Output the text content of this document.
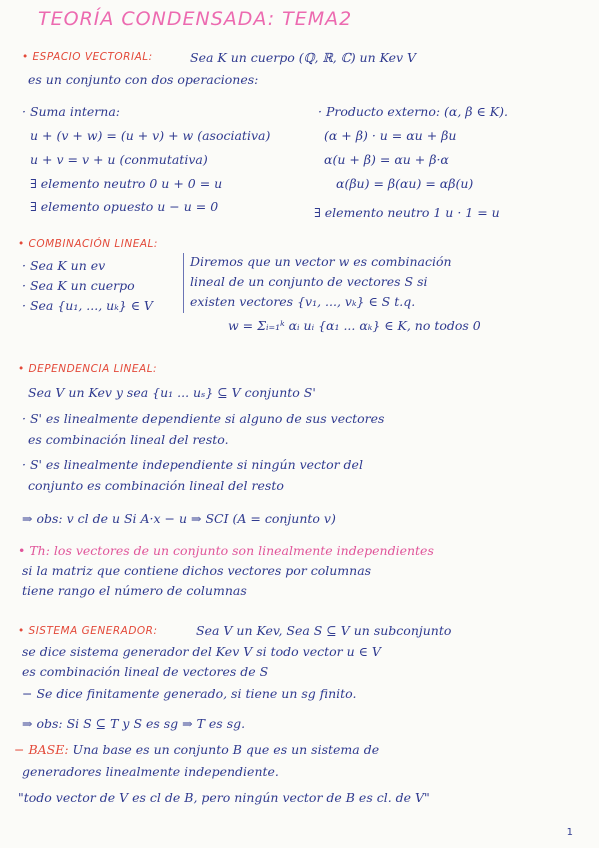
TEORÍA CONDENSADA: TEMA2
• ESPACIO VECTORIAL:	Sea K un cuerpo (ℚ, ℝ, ℂ) un Kev V
es un conjunto con dos operaciones:
· Suma interna:	· Producto externo: (α, β ∈ K).
u + (v + w) = (u + v) + w (asociativa)
u + v = v + u (conmutativa)
∃ elemento neutro 0 u + 0 = u
∃ elemento opuesto u − u = 0
(α + β) · u = αu + βu
α(u + β) = αu + β·α
α(βu) = β(αu) = αβ(u)
∃ elemento neutro 1 u · 1 = u
• COMBINACIÓN LINEAL:
· Sea K un ev
· Sea K un cuerpo
· Sea {u₁, ..., uₖ} ∈ V
Diremos que un vector w es combinación
lineal de un conjunto de vectores S si
existen vectores {v₁, ..., vₖ} ∈ S t.q.
w = Σᵢ₌₁ᵏ αᵢ uᵢ {α₁ ... αₖ} ∈ K, no todos 0
• DEPENDENCIA LINEAL:
Sea V un Kev y sea {u₁ ... uₛ} ⊆ V conjunto S'
· S' es linealmente dependiente si alguno de sus vectores
es combinación lineal del resto.
· S' es linealmente independiente si ningún vector del
conjunto es combinación lineal del resto
⇒ obs: v cl de u Si A·x − u ⇒ SCI (A = conjunto v)
• Th: los vectores de un conjunto son linealmente independientes
si la matriz que contiene dichos vectores por columnas
tiene rango el número de columnas
• SISTEMA GENERADOR:	Sea V un Kev, Sea S ⊆ V un subconjunto
se dice sistema generador del Kev V si todo vector u ∈ V
es combinación lineal de vectores de S
− Se dice finitamente generado, si tiene un sg finito.
⇒ obs: Si S ⊆ T y S es sg ⇒ T es sg.
− BASE: Una base es un conjunto B que es un sistema de
generadores linealmente independiente.
"todo vector de V es cl de B, pero ningún vector de B es cl. de V"
1
